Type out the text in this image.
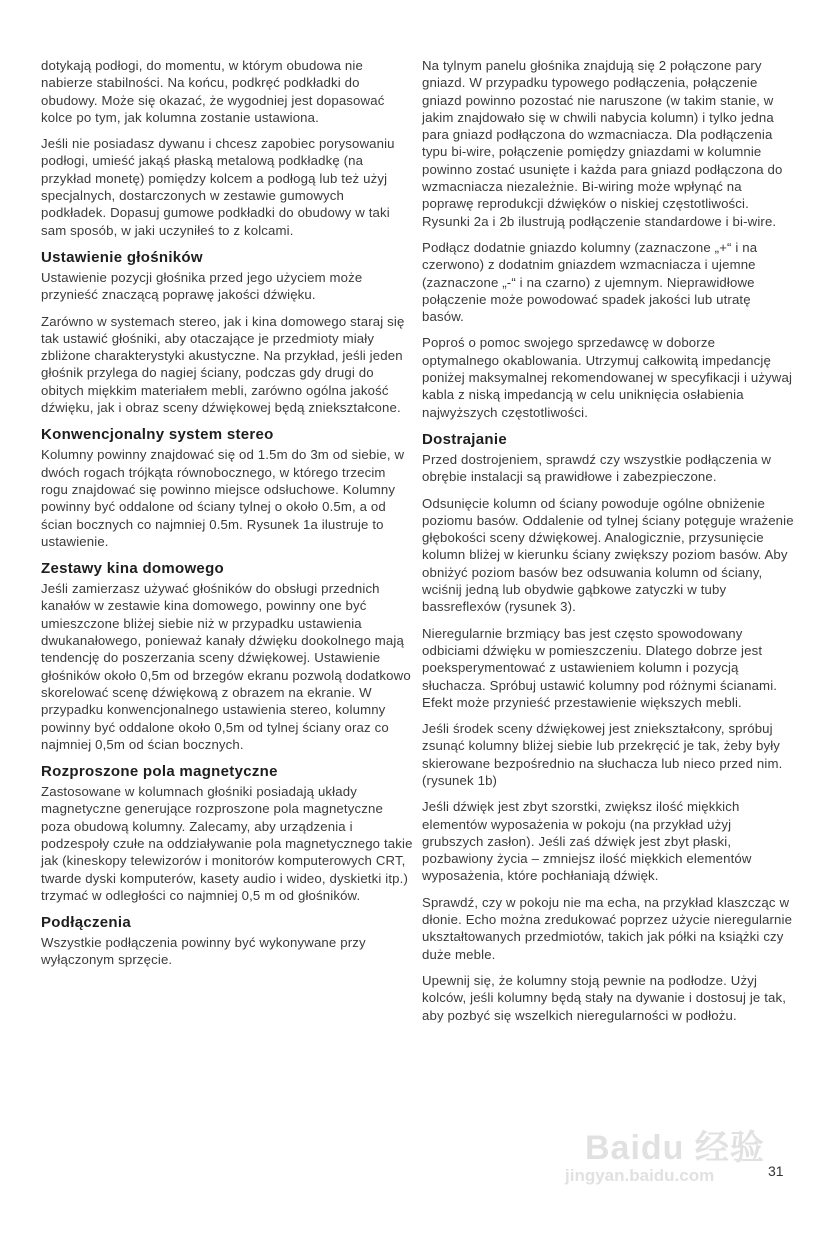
dotykają podłogi, do momentu, w którym obudowa nie nabierze stabilności. Na końcu, podkręć podkładki do obudowy. Może się okazać, że wygodniej jest dopasować kolce po tym, jak kolumna zostanie ustawiona.

Jeśli nie posiadasz dywanu i chcesz zapobiec porysowaniu podłogi, umieść jakąś płaską metalową podkładkę (na przykład monetę) pomiędzy kolcem a podłogą lub też użyj specjalnych, dostarczonych w zestawie gumowych podkładek. Dopasuj gumowe podkładki do obudowy w taki sam sposób, w jaki uczyniłeś to z kolcami.

Ustawienie głośników

Ustawienie pozycji głośnika przed jego użyciem może przynieść znaczącą poprawę jakości dźwięku.

Zarówno w systemach stereo, jak i kina domowego staraj się tak ustawić głośniki, aby otaczające je przedmioty miały zbliżone charakterystyki akustyczne. Na przykład, jeśli jeden głośnik przylega do nagiej ściany, podczas gdy drugi do obitych miękkim materiałem mebli, zarówno ogólna jakość dźwięku, jak i obraz sceny dźwiękowej będą zniekształcone.

Konwencjonalny system stereo

Kolumny powinny znajdować się od 1.5m do 3m od siebie, w dwóch rogach trójkąta równobocznego, w którego trzecim rogu znajdować się powinno miejsce odsłuchowe. Kolumny powinny być oddalone od ściany tylnej o około 0.5m, a od ścian bocznych co najmniej 0.5m. Rysunek 1a ilustruje to ustawienie.

Zestawy kina domowego

Jeśli zamierzasz używać głośników do obsługi przednich kanałów w zestawie kina domowego, powinny one być umieszczone bliżej siebie niż w przypadku ustawienia dwukanałowego, ponieważ kanały dźwięku dookolnego mają tendencję do poszerzania sceny dźwiękowej. Ustawienie głośników około 0,5m od brzegów ekranu pozwolą dodatkowo skorelować scenę dźwiękową z obrazem na ekranie. W przypadku konwencjonalnego ustawienia stereo, kolumny powinny być oddalone około 0,5m od tylnej ściany oraz co najmniej 0,5m od ścian bocznych.

Rozproszone pola magnetyczne

Zastosowane w kolumnach głośniki posiadają układy magnetyczne generujące rozproszone pola magnetyczne poza obudową kolumny. Zalecamy, aby urządzenia i podzespoły czułe na oddziaływanie pola magnetycznego takie jak (kineskopy telewizorów i monitorów komputerowych CRT, twarde dyski komputerów, kasety audio i wideo, dyskietki itp.) trzymać w odległości co najmniej 0,5 m od głośników.

Podłączenia

Wszystkie podłączenia powinny być wykonywane przy wyłączonym sprzęcie.

Na tylnym panelu głośnika znajdują się 2 połączone pary gniazd. W przypadku typowego podłączenia, połączenie gniazd powinno pozostać nie naruszone (w takim stanie, w jakim znajdowało się w chwili nabycia kolumn) i tylko jedna para gniazd podłączona do wzmacniacza. Dla podłączenia typu bi-wire, połączenie pomiędzy gniazdami w kolumnie powinno zostać usunięte i każda para gniazd podłączona do wzmacniacza niezależnie. Bi-wiring może wpłynąć na poprawę reprodukcji dźwięków o niskiej częstotliwości. Rysunki 2a i 2b ilustrują podłączenie standardowe i bi-wire.

Podłącz dodatnie gniazdo kolumny (zaznaczone „+“ i na czerwono) z dodatnim gniazdem wzmacniacza i ujemne (zaznaczone „-“ i na czarno) z ujemnym. Nieprawidłowe połączenie może powodować spadek jakości lub utratę basów.

Poproś o pomoc swojego sprzedawcę w doborze optymalnego okablowania. Utrzymuj całkowitą impedancję poniżej maksymalnej rekomendowanej w specyfikacji i używaj kabla z niską impedancją w celu uniknięcia osłabienia najwyższych częstotliwości.

Dostrajanie

Przed dostrojeniem, sprawdź czy wszystkie podłączenia w obrębie instalacji są prawidłowe i zabezpieczone.

Odsunięcie kolumn od ściany powoduje ogólne obniżenie poziomu basów. Oddalenie od tylnej ściany potęguje wrażenie głębokości sceny dźwiękowej. Analogicznie, przysunięcie kolumn bliżej w kierunku ściany zwiększy poziom basów. Aby obniżyć poziom basów bez odsuwania kolumn od ściany, wciśnij jedną lub obydwie gąbkowe zatyczki w tuby bassreflexów (rysunek 3).

Nieregularnie brzmiący bas jest często spowodowany odbiciami dźwięku w pomieszczeniu. Dlatego dobrze jest poeksperymentować z ustawieniem kolumn i pozycją słuchacza. Spróbuj ustawić kolumny pod różnymi ścianami. Efekt może przynieść przestawienie większych mebli.

Jeśli środek sceny dźwiękowej jest zniekształcony, spróbuj zsunąć kolumny bliżej siebie lub przekręcić je tak, żeby były skierowane bezpośrednio na słuchacza lub nieco przed nim. (rysunek 1b)

Jeśli dźwięk jest zbyt szorstki, zwiększ ilość miękkich elementów wyposażenia w pokoju (na przykład użyj grubszych zasłon). Jeśli zaś dźwięk jest zbyt płaski, pozbawiony życia – zmniejsz ilość miękkich elementów wyposażenia, które pochłaniają dźwięk.

Sprawdź, czy w pokoju nie ma echa, na przykład klaszcząc w dłonie. Echo można zredukować poprzez użycie nieregularnie ukształtowanych przedmiotów, takich jak półki na książki czy duże meble.

Upewnij się, że kolumny stoją pewnie na podłodze. Użyj kolców, jeśli kolumny będą stały na dywanie i dostosuj je tak, aby pozbyć się wszelkich nieregularności w podłożu.

Baidu 经验
jingyan.baidu.com	31
